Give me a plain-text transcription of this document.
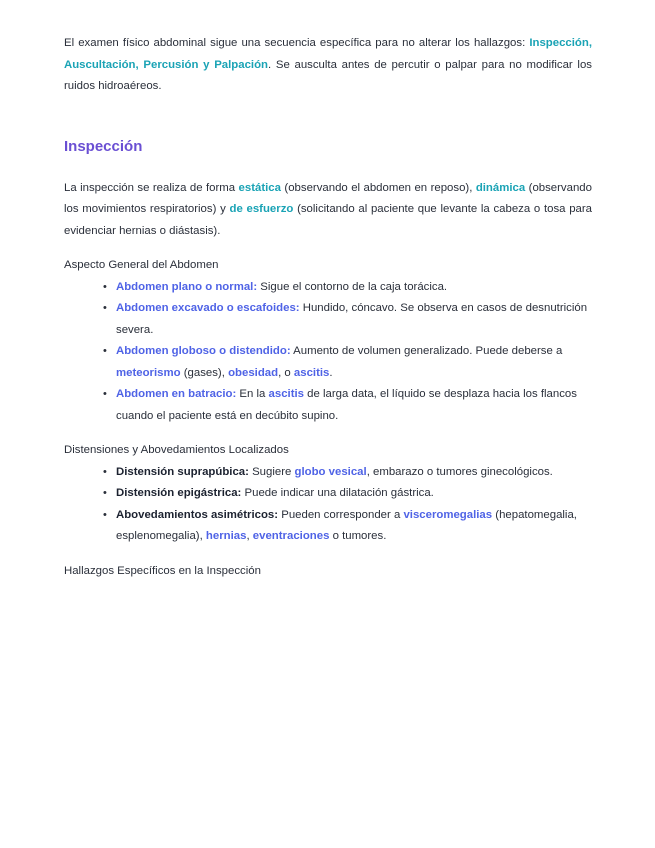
El examen físico abdominal sigue una secuencia específica para no alterar los hallazgos: Inspección, Auscultación, Percusión y Palpación. Se ausculta antes de percutir o palpar para no modificar los ruidos hidroaéreos.

Inspección

La inspección se realiza de forma estática (observando el abdomen en reposo), dinámica (observando los movimientos respiratorios) y de esfuerzo (solicitando al paciente que levante la cabeza o tosa para evidenciar hernias o diástasis).

Aspecto General del Abdomen
• Abdomen plano o normal: Sigue el contorno de la caja torácica.
• Abdomen excavado o escafoides: Hundido, cóncavo. Se observa en casos de desnutrición severa.
• Abdomen globoso o distendido: Aumento de volumen generalizado. Puede deberse a meteorismo (gases), obesidad, o ascitis.
• Abdomen en batracio: En la ascitis de larga data, el líquido se desplaza hacia los flancos cuando el paciente está en decúbito supino.
Distensiones y Abovedamientos Localizados
• Distensión suprapúbica: Sugiere globo vesical, embarazo o tumores ginecológicos.
• Distensión epigástrica: Puede indicar una dilatación gástrica.
• Abovedamientos asimétricos: Pueden corresponder a visceromegalias (hepatomegalia, esplenomegalia), hernias, eventraciones o tumores.
Hallazgos Específicos en la Inspección
